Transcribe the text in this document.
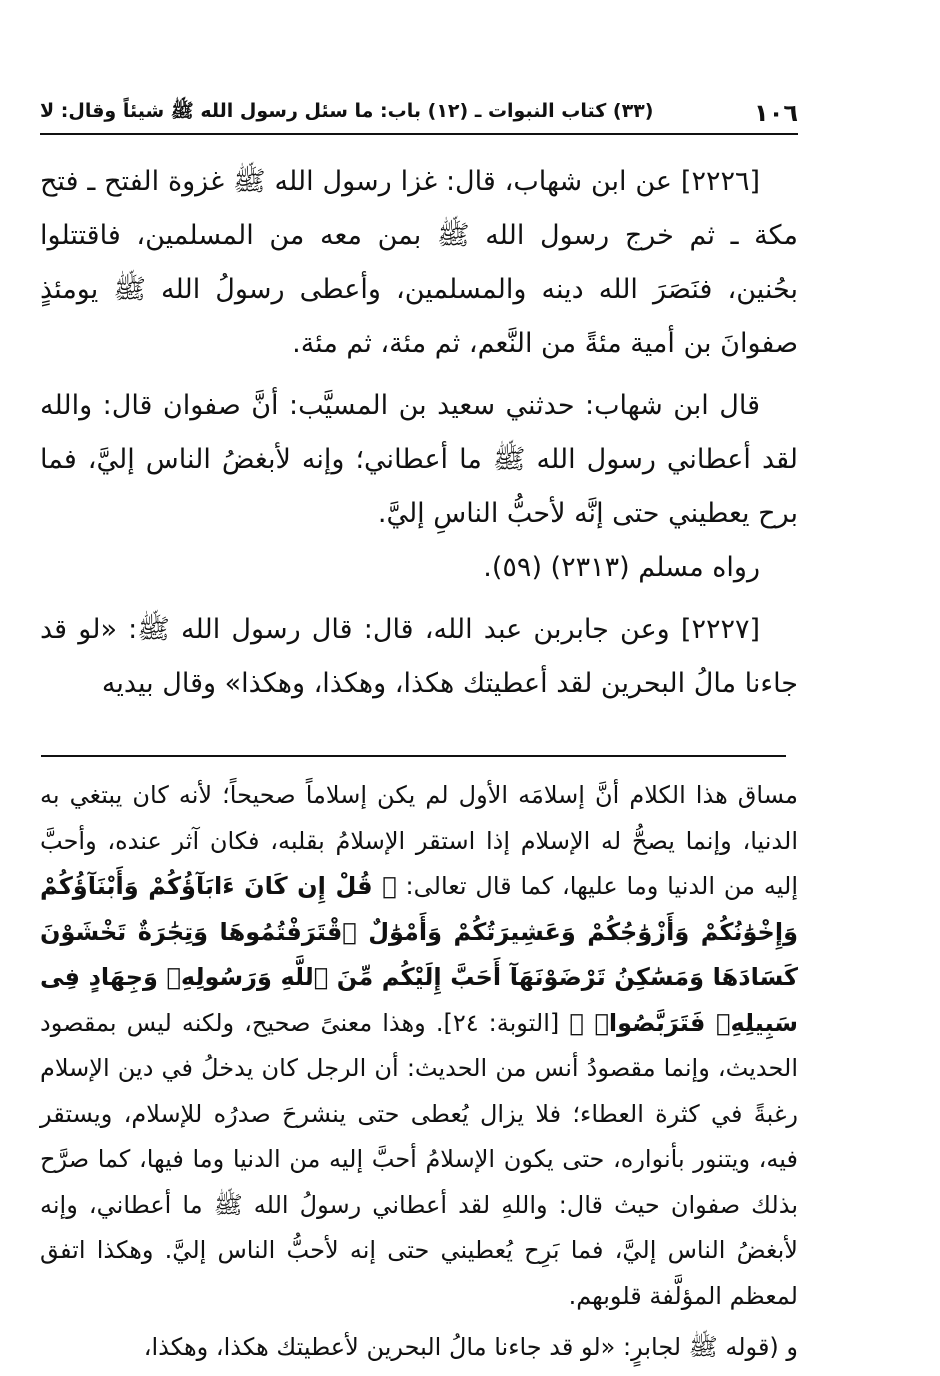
١٠٦
(٣٣) كتاب النبوات ـ (١٢) باب: ما سئل رسول الله ﷺ شيئاً وقال: لا

[٢٢٢٦] عن ابن شهاب، قال: غزا رسول الله ﷺ غزوة الفتح ـ فتح مكة ـ ثم خرج رسول الله ﷺ بمن معه من المسلمين، فاقتتلوا بحُنين، فنَصَرَ الله دينه والمسلمين، وأعطى رسولُ الله ﷺ يومئذٍ صفوانَ بن أمية مئةً من النَّعم، ثم مئة، ثم مئة.

قال ابن شهاب: حدثني سعيد بن المسيَّب: أنَّ صفوان قال: والله لقد أعطاني رسول الله ﷺ ما أعطاني؛ وإنه لأبغضُ الناس إليَّ، فما برح يعطيني حتى إنَّه لأحبُّ الناسِ إليَّ.

رواه مسلم (٢٣١٣) (٥٩).

[٢٢٢٧] وعن جابربن عبد الله، قال: قال رسول الله ﷺ: «لو قد جاءنا مالُ البحرين لقد أعطيتك هكذا، وهكذا، وهكذا» وقال بيديه

مساق هذا الكلام أنَّ إسلامَه الأول لم يكن إسلاماً صحيحاً؛ لأنه كان يبتغي به الدنيا، وإنما يصحُّ له الإسلام إذا استقر الإسلامُ بقلبه، فكان آثر عنده، وأحبَّ إليه من الدنيا وما عليها، كما قال تعالى: ﴿ قُلْ إِن كَانَ ءَابَآؤُكُمْ وَأَبْنَآؤُكُمْ وَإِخْوَٰنُكُمْ وَأَزْوَٰجُكُمْ وَعَشِيرَتُكُمْ وَأَمْوَٰلٌ ٱقْتَرَفْتُمُوهَا وَتِجَٰرَةٌ تَخْشَوْنَ كَسَادَهَا وَمَسَٰكِنُ تَرْضَوْنَهَآ أَحَبَّ إِلَيْكُم مِّنَ ٱللَّهِ وَرَسُولِهِۦ وَجِهَادٍ فِى سَبِيلِهِۦ فَتَرَبَّصُوا۟ ﴾ [التوبة: ٢٤]. وهذا معنىً صحيح، ولكنه ليس بمقصود الحديث، وإنما مقصودُ أنس من الحديث: أن الرجل كان يدخلُ في دين الإسلام رغبةً في كثرة العطاء؛ فلا يزال يُعطى حتى ينشرحَ صدرُه للإسلام، ويستقر فيه، ويتنور بأنواره، حتى يكون الإسلامُ أحبَّ إليه من الدنيا وما فيها، كما صرَّح بذلك صفوان حيث قال: واللهِ لقد أعطاني رسولُ الله ﷺ ما أعطاني، وإنه لأبغضُ الناس إليَّ، فما بَرِح يُعطيني حتى إنه لأحبُّ الناس إليَّ. وهكذا اتفق لمعظم المؤلَّفة قلوبهم.

و (قوله ﷺ لجابرٍ: «لو قد جاءنا مالُ البحرين لأعطيتك هكذا، وهكذا،
